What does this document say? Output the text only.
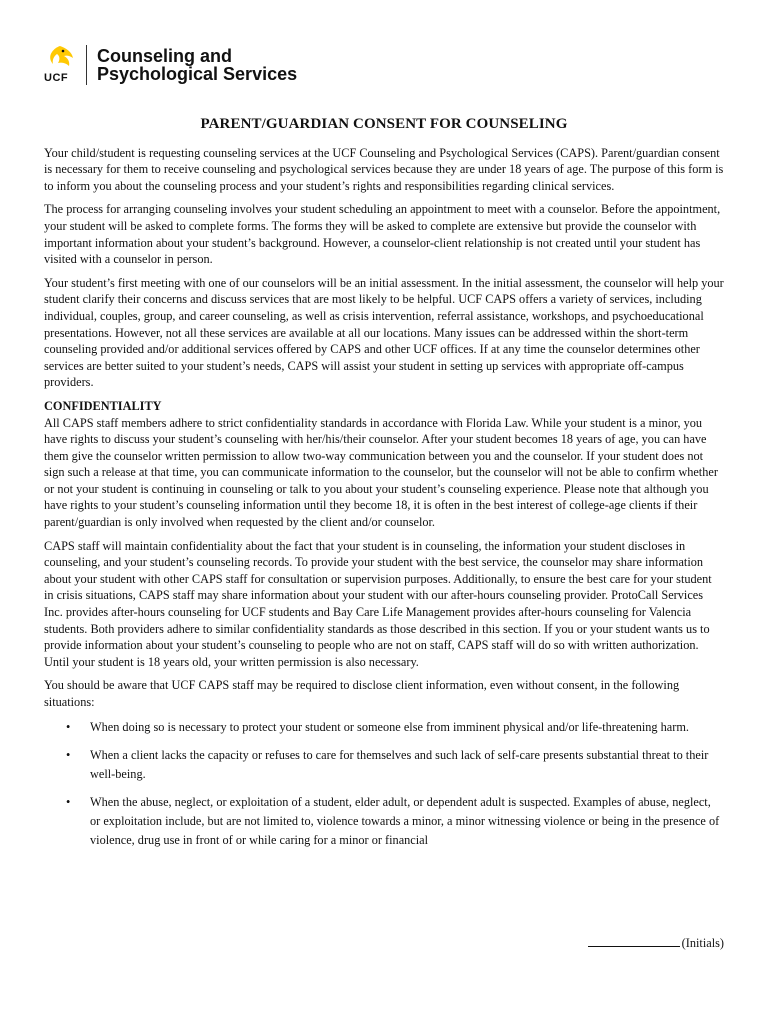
UCF
Counseling and
Psychological Services
PARENT/GUARDIAN CONSENT FOR COUNSELING

Your child/student is requesting counseling services at the UCF Counseling and Psychological Services (CAPS). Parent/guardian consent is necessary for them to receive counseling and psychological services because they are under 18 years of age. The purpose of this form is to inform you about the counseling process and your student’s rights and responsibilities regarding clinical services.

The process for arranging counseling involves your student scheduling an appointment to meet with a counselor. Before the appointment, your student will be asked to complete forms. The forms they will be asked to complete are extensive but provide the counselor with important information about your student’s background. However, a counselor-client relationship is not created until your student has visited with a counselor in person.

Your student’s first meeting with one of our counselors will be an initial assessment. In the initial assessment, the counselor will help your student clarify their concerns and discuss services that are most likely to be helpful. UCF CAPS offers a variety of services, including individual, couples, group, and career counseling, as well as crisis intervention, referral assistance, workshops, and psychoeducational presentations. However, not all these services are available at all our locations. Many issues can be addressed within the short-term counseling provided and/or additional services offered by CAPS and other UCF offices. If at any time the counselor determines other services are better suited to your student’s needs, CAPS will assist your student in setting up services with appropriate off-campus providers.

CONFIDENTIALITY

All CAPS staff members adhere to strict confidentiality standards in accordance with Florida Law. While your student is a minor, you have rights to discuss your student’s counseling with her/his/their counselor. After your student becomes 18 years of age, you can have them give the counselor written permission to allow two-way communication between you and the counselor. If your student does not sign such a release at that time, you can communicate information to the counselor, but the counselor will not be able to confirm whether or not your student is continuing in counseling or talk to you about your student’s counseling experience. Please note that although you have rights to your student’s counseling information until they become 18, it is often in the best interest of college-age clients if their parent/guardian is only involved when requested by the client and/or counselor.

CAPS staff will maintain confidentiality about the fact that your student is in counseling, the information your student discloses in counseling, and your student’s counseling records. To provide your student with the best service, the counselor may share information about your student with other CAPS staff for consultation or supervision purposes. Additionally, to ensure the best care for your student in crisis situations, CAPS staff may share information about your student with our after-hours counseling provider. ProtoCall Services Inc. provides after-hours counseling for UCF students and Bay Care Life Management provides after-hours counseling for Valencia students. Both providers adhere to similar confidentiality standards as those described in this section. If you or your student wants us to provide information about your student’s counseling to people who are not on staff, CAPS staff will do so with written authorization. Until your student is 18 years old, your written permission is also necessary.

You should be aware that UCF CAPS staff may be required to disclose client information, even without consent, in the following situations:

• When doing so is necessary to protect your student or someone else from imminent physical and/or life-threatening harm.
• When a client lacks the capacity or refuses to care for themselves and such lack of self-care presents substantial threat to their well-being.
• When the abuse, neglect, or exploitation of a student, elder adult, or dependent adult is suspected. Examples of abuse, neglect, or exploitation include, but are not limited to, violence towards a minor, a minor witnessing violence or being in the presence of violence, drug use in front of or while caring for a minor or financial
(Initials)
